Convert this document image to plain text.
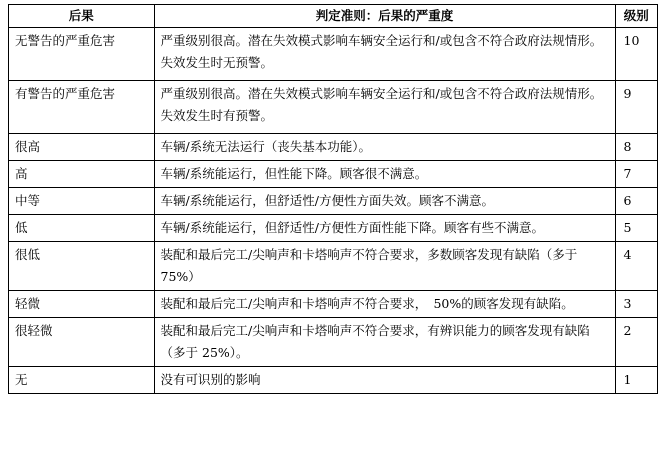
后果	判定准则：后果的严重度	级别
无警告的严重危害	严重级别很高。潜在失效模式影响车辆安全运行和/或包含不符合政府法规情形。失效发生时无预警。	10
有警告的严重危害	严重级别很高。潜在失效模式影响车辆安全运行和/或包含不符合政府法规情形。失效发生时有预警。	9
很高	车辆/系统无法运行（丧失基本功能）。	8
高	车辆/系统能运行，但性能下降。顾客很不满意。	7
中等	车辆/系统能运行，但舒适性/方便性方面失效。顾客不满意。	6
低	车辆/系统能运行，但舒适性/方便性方面性能下降。顾客有些不满意。	5
很低	装配和最后完工/尖响声和卡塔响声不符合要求，多数顾客发现有缺陷（多于 75%）	4
轻微	装配和最后完工/尖响声和卡塔响声不符合要求，　50%的顾客发现有缺陷。	3
很轻微	装配和最后完工/尖响声和卡塔响声不符合要求，有辨识能力的顾客发现有缺陷（多于 25%）。	2
无	没有可识别的影响	1
